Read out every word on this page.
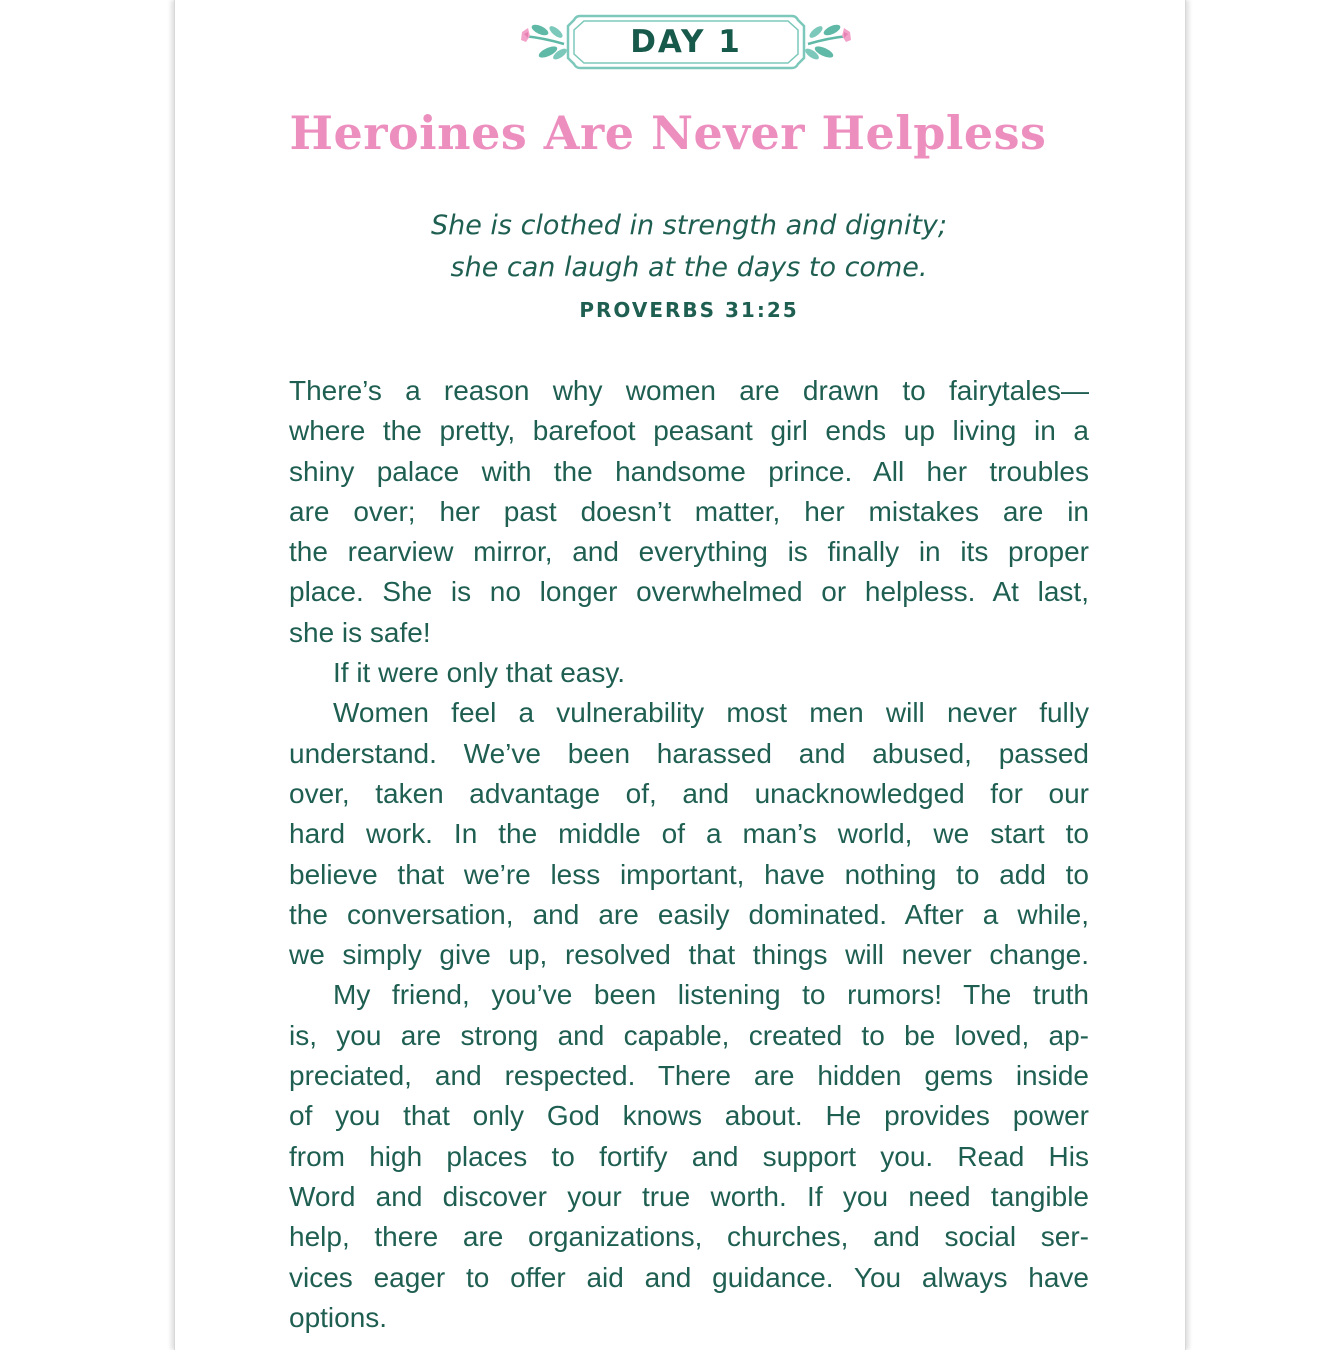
DAY 1
Heroines Are Never Helpless
She is clothed in strength and dignity;
she can laugh at the days to come.
PROVERBS 31:25
There’s a reason why women are drawn to fairytales—
where the pretty, barefoot peasant girl ends up living in a
shiny palace with the handsome prince. All her troubles
are over; her past doesn’t matter, her mistakes are in
the rearview mirror, and everything is finally in its proper
place. She is no longer overwhelmed or helpless. At last,
she is safe!
If it were only that easy.
Women feel a vulnerability most men will never fully
understand. We’ve been harassed and abused, passed
over, taken advantage of, and unacknowledged for our
hard work. In the middle of a man’s world, we start to
believe that we’re less important, have nothing to add to
the conversation, and are easily dominated. After a while,
we simply give up, resolved that things will never change.
My friend, you’ve been listening to rumors! The truth
is, you are strong and capable, created to be loved, ap-
preciated, and respected. There are hidden gems inside
of you that only God knows about. He provides power
from high places to fortify and support you. Read His
Word and discover your true worth. If you need tangible
help, there are organizations, churches, and social ser-
vices eager to offer aid and guidance. You always have
options.
